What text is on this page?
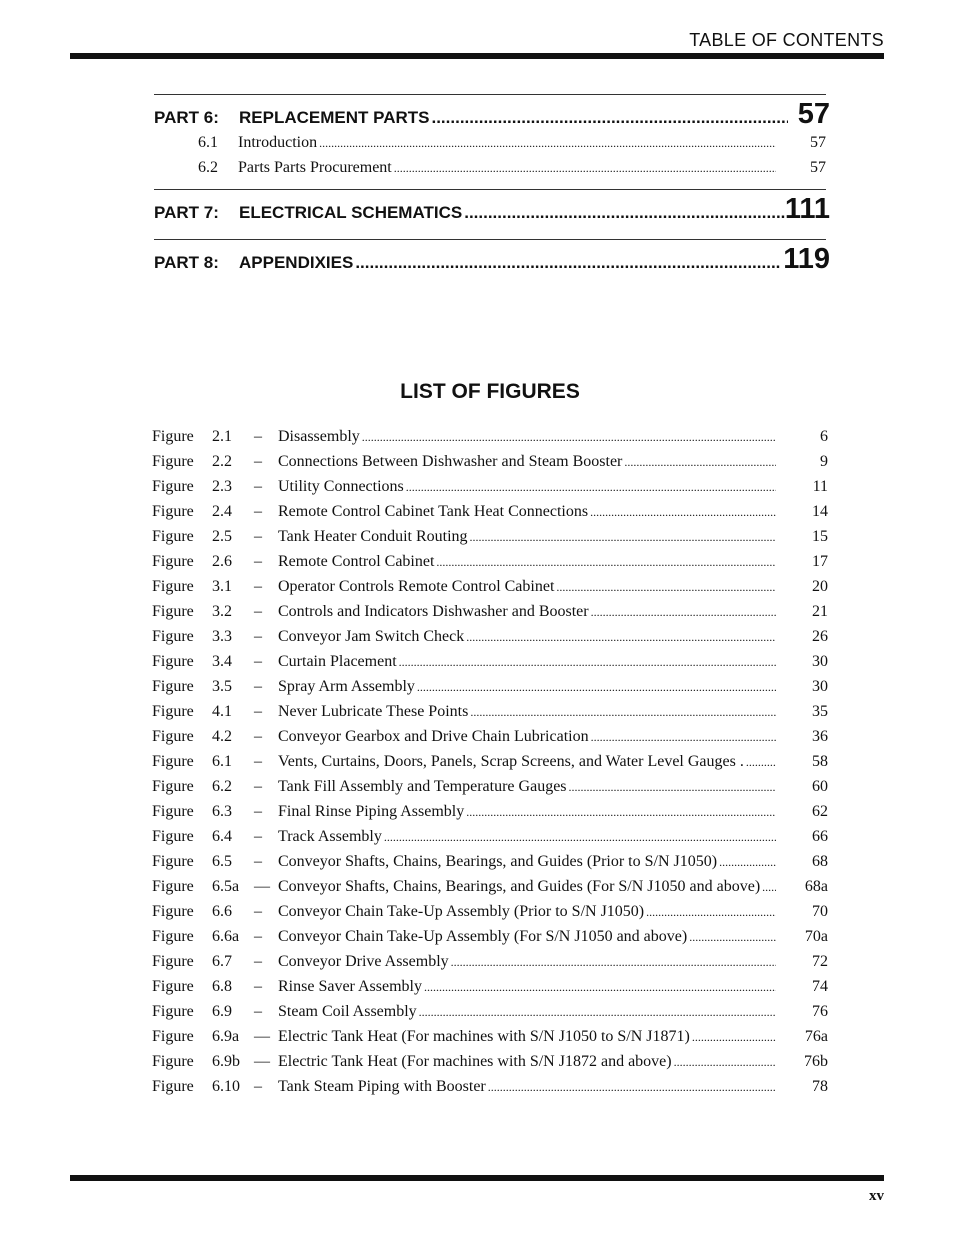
TABLE OF CONTENTS
PART 6:	REPLACEMENT PARTS .....	57
6.1	Introduction .....	57
6.2	Parts Parts Procurement .....	57
PART 7:	ELECTRICAL SCHEMATICS .....	111
PART 8:	APPENDIXIES .....	119
LIST OF FIGURES
Figure	2.1	–	Disassembly .....	6
Figure	2.2	–	Connections Between Dishwasher and Steam Booster .....	9
Figure	2.3	–	Utility Connections .....	11
Figure	2.4	–	Remote Control Cabinet Tank Heat Connections .....	14
Figure	2.5	–	Tank Heater Conduit Routing .....	15
Figure	2.6	–	Remote Control Cabinet .....	17
Figure	3.1	–	Operator Controls Remote Control Cabinet .....	20
Figure	3.2	–	Controls and Indicators Dishwasher and Booster .....	21
Figure	3.3	–	Conveyor Jam Switch Check .....	26
Figure	3.4	–	Curtain Placement .....	30
Figure	3.5	–	Spray Arm Assembly .....	30
Figure	4.1	–	Never Lubricate These Points .....	35
Figure	4.2	–	Conveyor Gearbox and Drive Chain Lubrication .....	36
Figure	6.1	–	Vents, Curtains, Doors, Panels, Scrap Screens, and Water Level Gauges . .....	58
Figure	6.2	–	Tank Fill Assembly and Temperature Gauges .....	60
Figure	6.3	–	Final Rinse Piping Assembly .....	62
Figure	6.4	–	Track Assembly .....	66
Figure	6.5	–	Conveyor Shafts, Chains, Bearings, and Guides (Prior to S/N J1050) .....	68
Figure	6.5a — Conveyor Shafts, Chains, Bearings, and Guides (For S/N J1050 and above) .....	68a
Figure	6.6	–	Conveyor Chain Take-Up Assembly (Prior to S/N J1050) .....	70
Figure	6.6a –	Conveyor Chain Take-Up Assembly (For S/N J1050 and above) .....	70a
Figure	6.7	–	Conveyor Drive Assembly .....	72
Figure	6.8	–	Rinse Saver Assembly .....	74
Figure	6.9	–	Steam Coil Assembly .....	76
Figure	6.9a — Electric Tank Heat (For machines with S/N J1050 to S/N J1871) .....	76a
Figure	6.9b — Electric Tank Heat (For machines with S/N J1872 and above) .....	76b
Figure	6.10 –	Tank Steam Piping with Booster .....	78
xv
